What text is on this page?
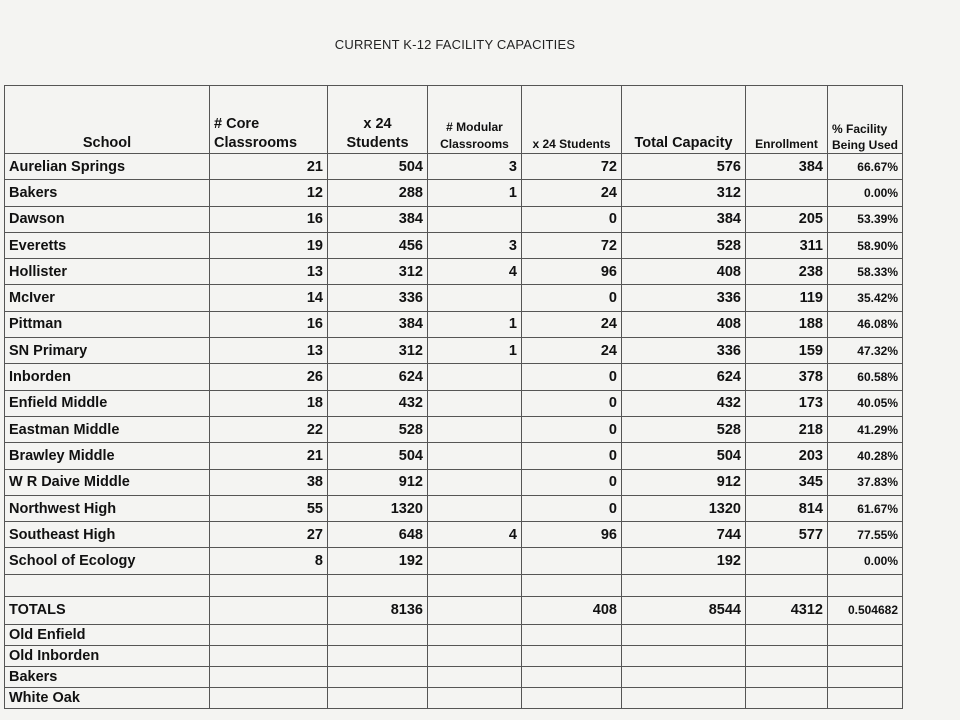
CURRENT K-12 FACILITY CAPACITIES
School	# Core Classrooms	x 24 Students	# Modular Classrooms	x 24 Students	Total Capacity	Enrollment	% Facility Being Used
Aurelian Springs	21	504	3	72	576	384	66.67%
Bakers	12	288	1	24	312		0.00%
Dawson	16	384		0	384	205	53.39%
Everetts	19	456	3	72	528	311	58.90%
Hollister	13	312	4	96	408	238	58.33%
McIver	14	336		0	336	119	35.42%
Pittman	16	384	1	24	408	188	46.08%
SN Primary	13	312	1	24	336	159	47.32%
Inborden	26	624		0	624	378	60.58%
Enfield Middle	18	432		0	432	173	40.05%
Eastman Middle	22	528		0	528	218	41.29%
Brawley Middle	21	504		0	504	203	40.28%
W R Daive Middle	38	912		0	912	345	37.83%
Northwest High	55	1320		0	1320	814	61.67%
Southeast High	27	648	4	96	744	577	77.55%
School of Ecology	8	192			192		0.00%

TOTALS		8136		408	8544	4312	0.504682
Old Enfield							
Old Inborden							
Bakers							
White Oak							
